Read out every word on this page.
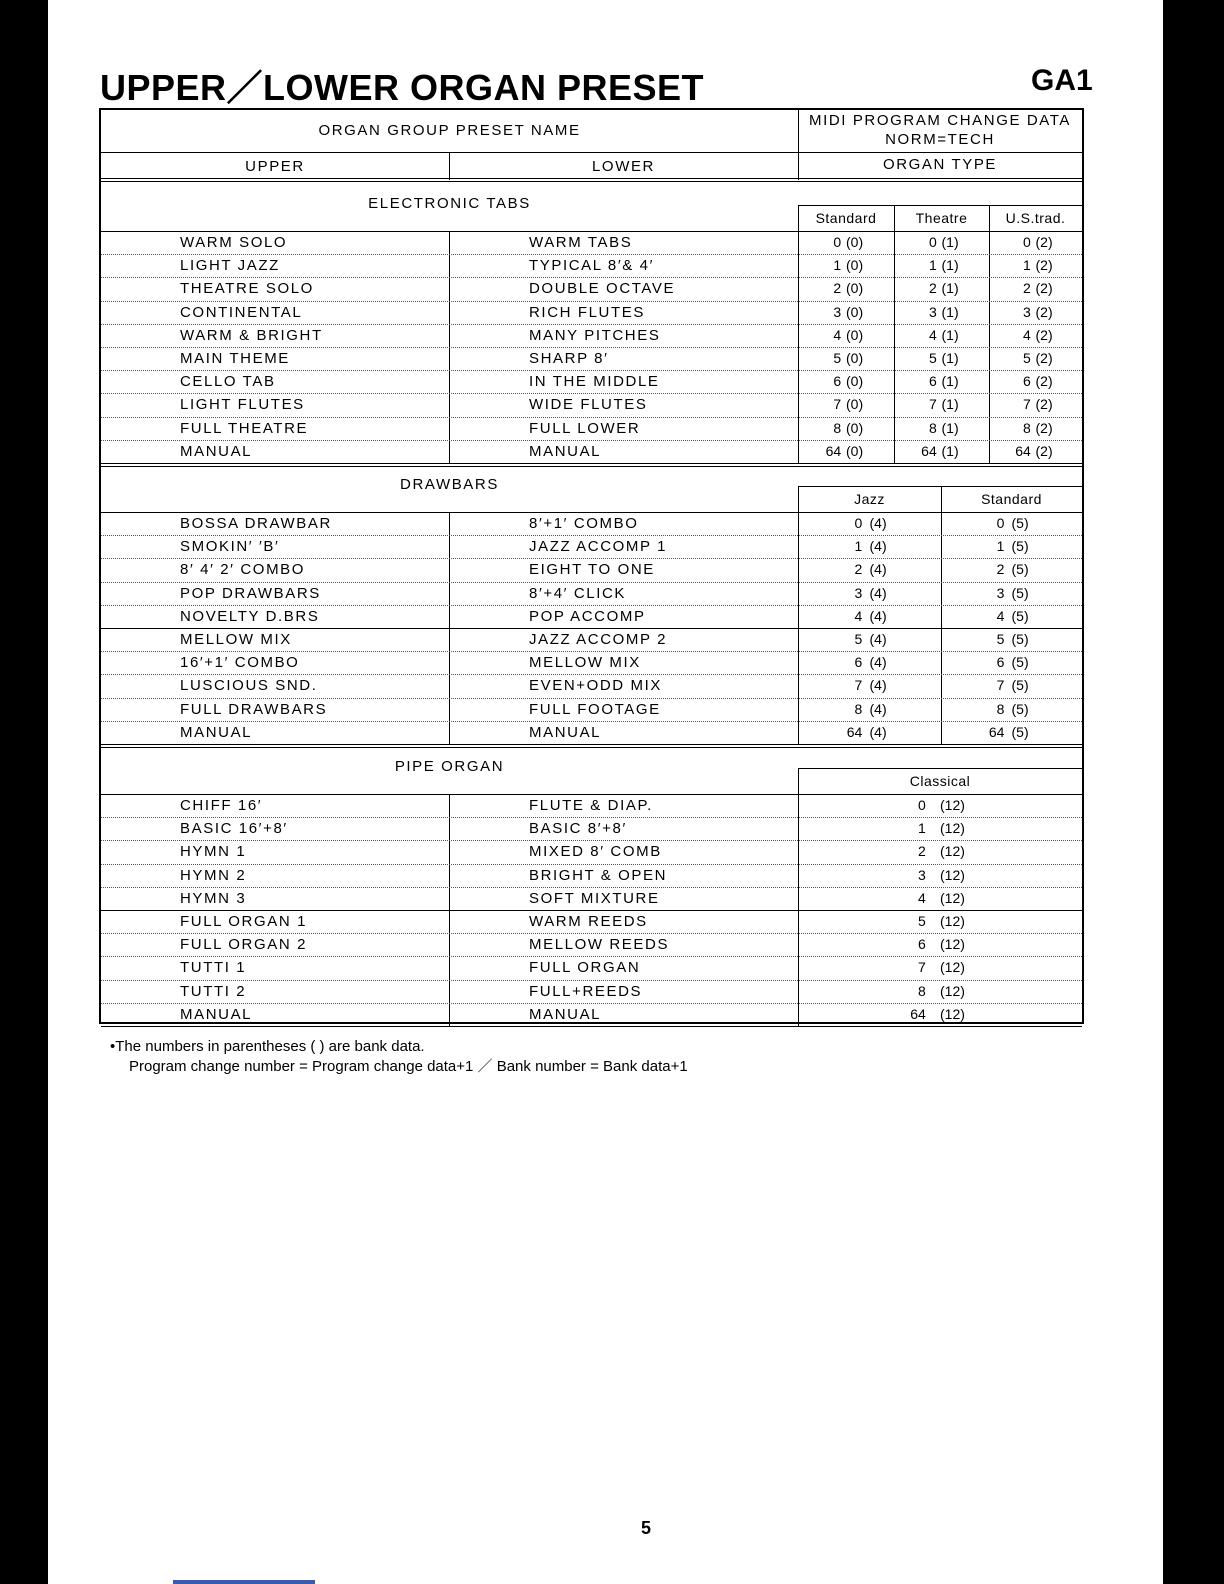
UPPER／LOWER ORGAN PRESET	GA1
ORGAN GROUP PRESET NAME
MIDI PROGRAM CHANGE DATA
NORM=TECH
UPPER	LOWER	ORGAN TYPE
ELECTRONIC TABS
Standard	Theatre	U.S.trad.
WARM SOLO	WARM TABS	0 (0)	0 (1)	0 (2)
LIGHT JAZZ	TYPICAL 8′& 4′	1 (0)	1 (1)	1 (2)
THEATRE SOLO	DOUBLE OCTAVE	2 (0)	2 (1)	2 (2)
CONTINENTAL	RICH FLUTES	3 (0)	3 (1)	3 (2)
WARM & BRIGHT	MANY PITCHES	4 (0)	4 (1)	4 (2)
MAIN THEME	SHARP 8′	5 (0)	5 (1)	5 (2)
CELLO TAB	IN THE MIDDLE	6 (0)	6 (1)	6 (2)
LIGHT FLUTES	WIDE FLUTES	7 (0)	7 (1)	7 (2)
FULL THEATRE	FULL LOWER	8 (0)	8 (1)	8 (2)
MANUAL	MANUAL	64 (0)	64 (1)	64 (2)
DRAWBARS
Jazz	Standard
BOSSA DRAWBAR	8′+1′ COMBO	0 (4)	0 (5)
SMOKIN′ ′B′	JAZZ ACCOMP 1	1 (4)	1 (5)
8′ 4′ 2′ COMBO	EIGHT TO ONE	2 (4)	2 (5)
POP DRAWBARS	8′+4′ CLICK	3 (4)	3 (5)
NOVELTY D.BRS	POP ACCOMP	4 (4)	4 (5)
MELLOW MIX	JAZZ ACCOMP 2	5 (4)	5 (5)
16′+1′ COMBO	MELLOW MIX	6 (4)	6 (5)
LUSCIOUS SND.	EVEN+ODD MIX	7 (4)	7 (5)
FULL DRAWBARS	FULL FOOTAGE	8 (4)	8 (5)
MANUAL	MANUAL	64 (4)	64 (5)
PIPE ORGAN
Classical
CHIFF 16′	FLUTE & DIAP.	0 (12)
BASIC 16′+8′	BASIC 8′+8′	1 (12)
HYMN 1	MIXED 8′ COMB	2 (12)
HYMN 2	BRIGHT & OPEN	3 (12)
HYMN 3	SOFT MIXTURE	4 (12)
FULL ORGAN 1	WARM REEDS	5 (12)
FULL ORGAN 2	MELLOW REEDS	6 (12)
TUTTI 1	FULL ORGAN	7 (12)
TUTTI 2	FULL+REEDS	8 (12)
MANUAL	MANUAL	64 (12)
•The numbers in parentheses ( ) are bank data.
Program change number = Program change data+1 ／ Bank number = Bank data+1
5
